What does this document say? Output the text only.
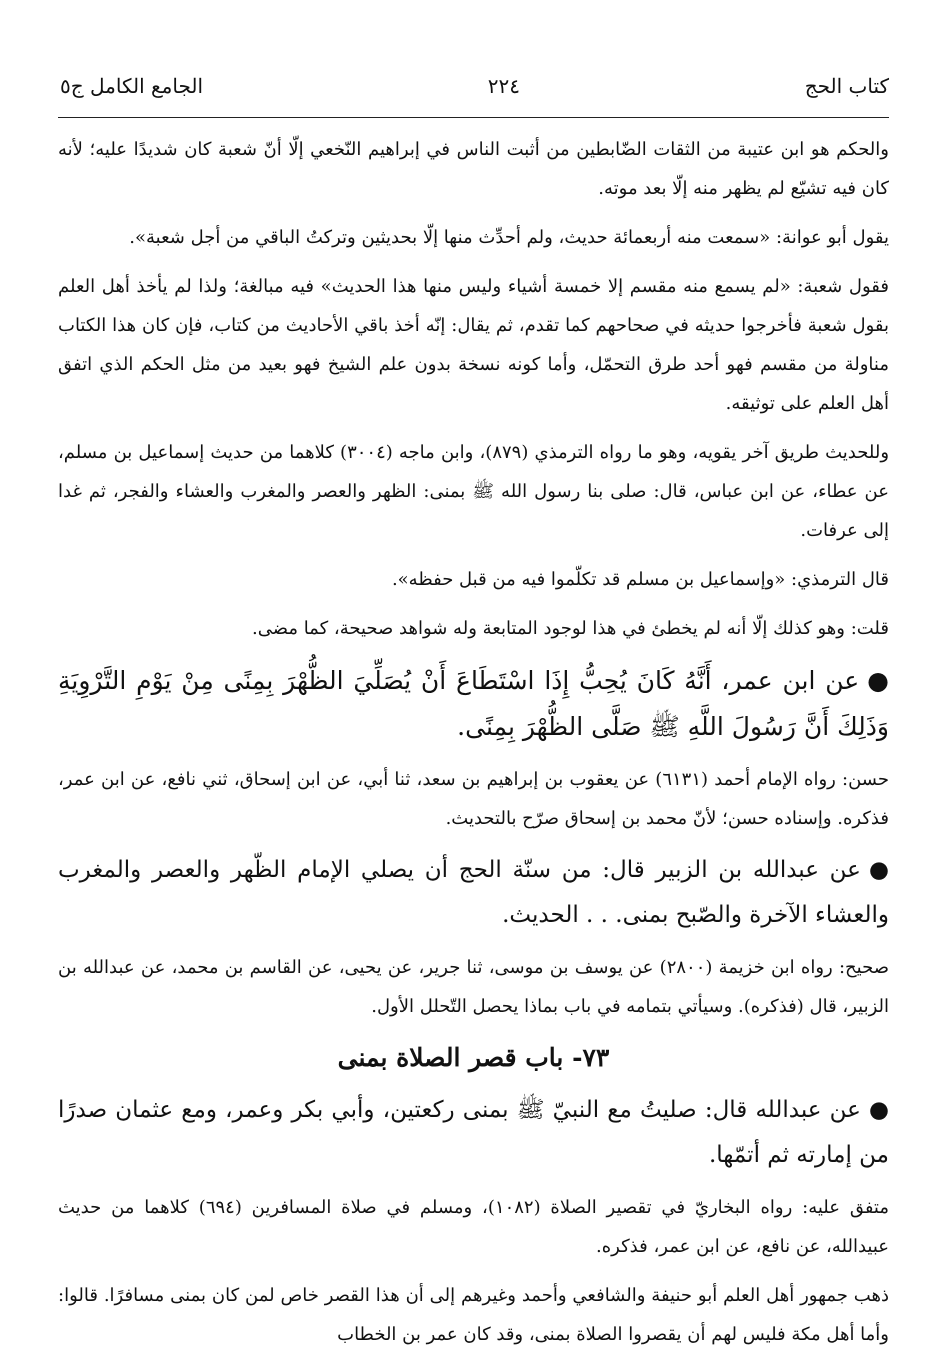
الجامع الكامل ج٥	٢٢٤	كتاب الحج

والحكم هو ابن عتيبة من الثقات الضّابطين من أثبت الناس في إبراهيم النّخعي إلّا أنّ شعبة كان شديدًا عليه؛ لأنه كان فيه تشيّع لم يظهر منه إلّا بعد موته.

يقول أبو عوانة: «سمعت منه أربعمائة حديث، ولم أحدِّث منها إلّا بحديثين وتركتُ الباقي من أجل شعبة».

فقول شعبة: «لم يسمع منه مقسم إلا خمسة أشياء وليس منها هذا الحديث» فيه مبالغة؛ ولذا لم يأخذ أهل العلم بقول شعبة فأخرجوا حديثه في صحاحهم كما تقدم، ثم يقال: إنّه أخذ باقي الأحاديث من كتاب، فإن كان هذا الكتاب مناولة من مقسم فهو أحد طرق التحمّل، وأما كونه نسخة بدون علم الشيخ فهو بعيد من مثل الحكم الذي اتفق أهل العلم على توثيقه.

وللحديث طريق آخر يقويه، وهو ما رواه الترمذي (٨٧٩)، وابن ماجه (٣٠٠٤) كلاهما من حديث إسماعيل بن مسلم، عن عطاء، عن ابن عباس، قال: صلى بنا رسول الله ﷺ بمنى: الظهر والعصر والمغرب والعشاء والفجر، ثم غدا إلى عرفات.

قال الترمذي: «وإسماعيل بن مسلم قد تكلّموا فيه من قبل حفظه».

قلت: وهو كذلك إلّا أنه لم يخطئ في هذا لوجود المتابعة وله شواهد صحيحة، كما مضى.

●عن ابن عمر، أَنَّهُ كَانَ يُحِبُّ إِذَا اسْتَطَاعَ أَنْ يُصَلِّيَ الظُّهْرَ بِمِنًى مِنْ يَوْمِ التَّرْوِيَةِ وَذَلِكَ أَنَّ رَسُولَ اللَّهِ ﷺ صَلَّى الظُّهْرَ بِمِنًى.

حسن: رواه الإمام أحمد (٦١٣١) عن يعقوب بن إبراهيم بن سعد، ثنا أبي، عن ابن إسحاق، ثني نافع، عن ابن عمر، فذكره. وإسناده حسن؛ لأنّ محمد بن إسحاق صرّح بالتحديث.

●عن عبدالله بن الزبير قال: من سنّة الحج أن يصلي الإمام الظّهر والعصر والمغرب والعشاء الآخرة والصّبح بمنى. . . الحديث.

صحيح: رواه ابن خزيمة (٢٨٠٠) عن يوسف بن موسى، ثنا جرير، عن يحيى، عن القاسم بن محمد، عن عبدالله بن الزبير، قال (فذكره). وسيأتي بتمامه في باب بماذا يحصل التّحلل الأول.

٧٣- باب قصر الصلاة بمنى

●عن عبدالله قال: صليتُ مع النبيّ ﷺ بمنى ركعتين، وأبي بكر وعمر، ومع عثمان صدرًا من إمارته ثم أتمّها.

متفق عليه: رواه البخاريّ في تقصير الصلاة (١٠٨٢)، ومسلم في صلاة المسافرين (٦٩٤) كلاهما من حديث عبيدالله، عن نافع، عن ابن عمر، فذكره.

ذهب جمهور أهل العلم أبو حنيفة والشافعي وأحمد وغيرهم إلى أن هذا القصر خاص لمن كان بمنى مسافرًا. قالوا: وأما أهل مكة فليس لهم أن يقصروا الصلاة بمنى، وقد كان عمر بن الخطاب
